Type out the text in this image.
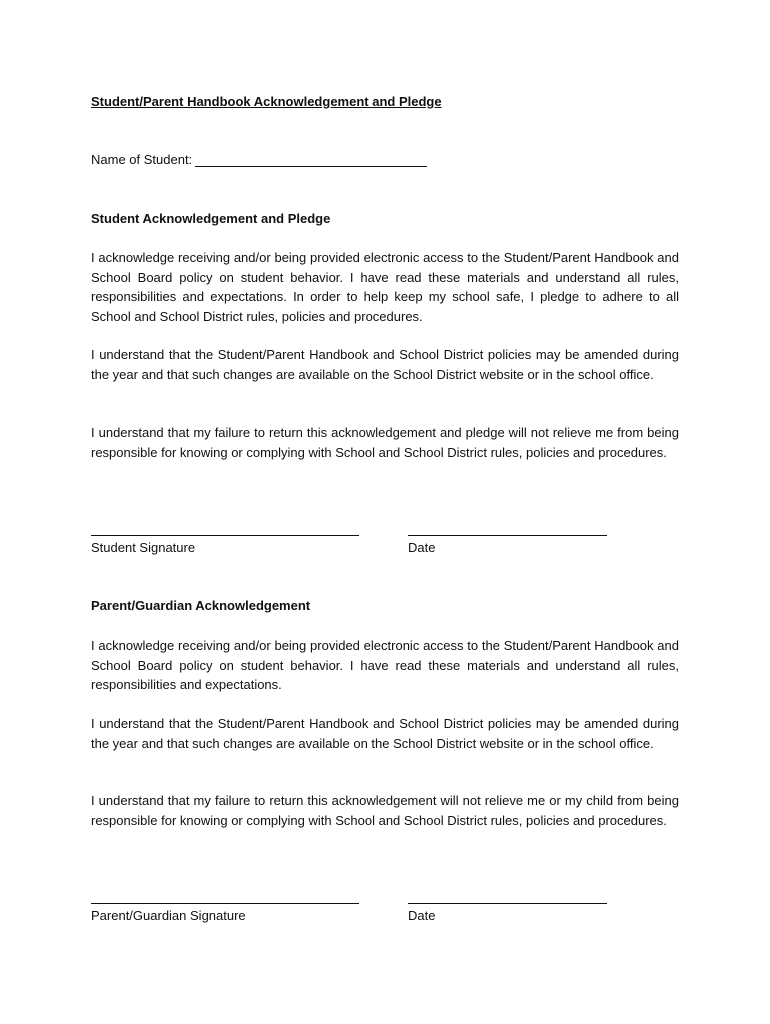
Student/Parent Handbook Acknowledgement and Pledge
Name of Student:
Student Acknowledgement and Pledge
I acknowledge receiving and/or being provided electronic access to the Student/Parent Handbook and School Board policy on student behavior. I have read these materials and understand all rules, responsibilities and expectations. In order to help keep my school safe, I pledge to adhere to all School and School District rules, policies and procedures.
I understand that the Student/Parent Handbook and School District policies may be amended during the year and that such changes are available on the School District website or in the school office.
I understand that my failure to return this acknowledgement and pledge will not relieve me from being responsible for knowing or complying with School and School District rules, policies and procedures.
Student Signature	Date
Parent/Guardian Acknowledgement
I acknowledge receiving and/or being provided electronic access to the Student/Parent Handbook and School Board policy on student behavior. I have read these materials and understand all rules, responsibilities and expectations.
I understand that the Student/Parent Handbook and School District policies may be amended during the year and that such changes are available on the School District website or in the school office.
I understand that my failure to return this acknowledgement will not relieve me or my child from being responsible for knowing or complying with School and School District rules, policies and procedures.
Parent/Guardian Signature	Date
